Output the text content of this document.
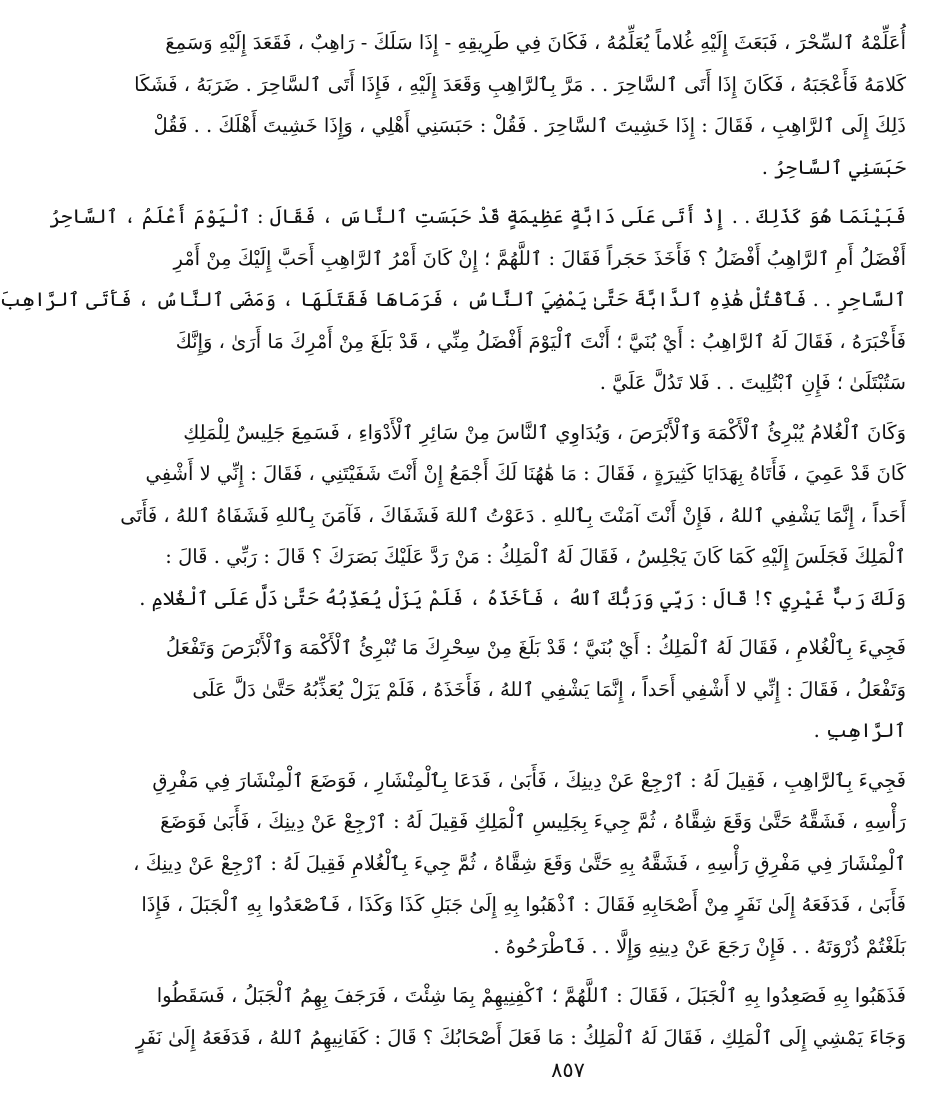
أُعَلِّمْهُ ٱلسِّحْرَ ، فَبَعَثَ إِلَيْهِ غُلاماً يُعَلِّمُهُ ، فَكَانَ فِي طَرِيقِهِ - إِذَا سَلَكَ - رَاهِبٌ ، فَقَعَدَ إِلَيْهِ وَسَمِعَ
كَلامَهُ فَأَعْجَبَهُ ، فَكَانَ إِذَا أَتَى ٱلسَّاحِرَ . . مَرَّ بِٱلرَّاهِبِ وَقَعَدَ إِلَيْهِ ، فَإِذَا أَتَى ٱلسَّاحِرَ . ضَرَبَهُ ، فَشَكَا
ذَلِكَ إِلَى ٱلرَّاهِبِ ، فَقَالَ : إِذَا خَشِيتَ ٱلسَّاحِرَ . فَقُلْ : حَبَسَنِي أَهْلِي ، وَإِذَا خَشِيتَ أَهْلَكَ . . فَقُلْ
حَبَسَنِي ٱلسَّاحِرُ .
فَبَيْنَمَا هُوَ كَذَلِكَ . . إِذْ أَتَى عَلَى دَابَّةٍ عَظِيمَةٍ قَدْ حَبَسَتِ ٱلنَّاسَ ، فَقَالَ : ٱلْيَوْمَ أَعْلَمُ ، ٱلسَّاحِرُ
أَفْضَلُ أَمِ ٱلرَّاهِبُ أَفْضَلُ ؟ فَأَخَذَ حَجَراً فَقَالَ : ٱللَّهُمَّ ؛ إِنْ كَانَ أَمْرُ ٱلرَّاهِبِ أَحَبَّ إِلَيْكَ مِنْ أَمْرِ
ٱلسَّاحِرِ . . فَٱقْتُلْ هَٰذِهِ ٱلدَّابَّةَ حَتَّىٰ يَمْضِيَ ٱلنَّاسُ ، فَرَمَاهَا فَقَتَلَهَا ، وَمَضَى ٱلنَّاسُ ، فَأَتَى ٱلرَّاهِبَ
فَأَخْبَرَهُ ، فَقَالَ لَهُ ٱلرَّاهِبُ : أَيْ بُنَيَّ ؛ أَنْتَ ٱلْيَوْمَ أَفْضَلُ مِنِّي ، قَدْ بَلَغَ مِنْ أَمْرِكَ مَا أَرَىٰ ، وَإِنَّكَ
سَتُبْتَلَىٰ ؛ فَإِنِ ٱبْتُلِيتَ . . فَلا تَدُلَّ عَلَيَّ .
وَكَانَ ٱلْغُلامُ يُبْرِئُ ٱلْأَكْمَهَ وَٱلْأَبْرَصَ ، وَيُدَاوِي ٱلنَّاسَ مِنْ سَائِرِ ٱلْأَدْوَاءِ ، فَسَمِعَ جَلِيسٌ لِلْمَلِكِ
كَانَ قَدْ عَمِيَ ، فَأَتَاهُ بِهَدَايَا كَثِيرَةٍ ، فَقَالَ : مَا هَٰهُنَا لَكَ أَجْمَعُ إِنْ أَنْتَ شَفَيْتَنِي ، فَقَالَ : إِنِّي لا أَشْفِي
أَحَداً ، إِنَّمَا يَشْفِي ٱللهُ ، فَإِنْ أَنْتَ آمَنْتَ بِٱللهِ . دَعَوْتُ ٱللهَ فَشَفَاكَ ، فَآمَنَ بِٱللهِ فَشَفَاهُ ٱللهُ ، فَأَتَى
ٱلْمَلِكَ فَجَلَسَ إِلَيْهِ كَمَا كَانَ يَجْلِسُ ، فَقَالَ لَهُ ٱلْمَلِكُ : مَنْ رَدَّ عَلَيْكَ بَصَرَكَ ؟ قَالَ : رَبِّي . قَالَ :
وَلَكَ رَبٌّ غَيْرِي ؟! قَالَ : رَبِّي وَرَبُّكَ ٱللهُ ، فَأَخَذَهُ ، فَلَمْ يَزَلْ يُعَذِّبُهُ حَتَّىٰ دَلَّ عَلَى ٱلْغُلامِ .
فَجِيءَ بِٱلْغُلامِ ، فَقَالَ لَهُ ٱلْمَلِكُ : أَيْ بُنَيَّ ؛ قَدْ بَلَغَ مِنْ سِحْرِكَ مَا تُبْرِئُ ٱلْأَكْمَهَ وَٱلْأَبْرَصَ وَتَفْعَلُ
وَتَفْعَلُ ، فَقَالَ : إِنِّي لا أَشْفِي أَحَداً ، إِنَّمَا يَشْفِي ٱللهُ ، فَأَخَذَهُ ، فَلَمْ يَزَلْ يُعَذِّبُهُ حَتَّىٰ دَلَّ عَلَى
ٱلرَّاهِبِ .
فَجِيءَ بِٱلرَّاهِبِ ، فَقِيلَ لَهُ : ٱرْجِعْ عَنْ دِينِكَ ، فَأَبَىٰ ، فَدَعَا بِٱلْمِنْشَارِ ، فَوَضَعَ ٱلْمِنْشَارَ فِي مَفْرِقِ
رَأْسِهِ ، فَشَقَّهُ حَتَّىٰ وَقَعَ شِقَّاهُ ، ثُمَّ جِيءَ بِجَلِيسِ ٱلْمَلِكِ فَقِيلَ لَهُ : ٱرْجِعْ عَنْ دِينِكَ ، فَأَبَىٰ فَوَضَعَ
ٱلْمِنْشَارَ فِي مَفْرِقِ رَأْسِهِ ، فَشَقَّهُ بِهِ حَتَّىٰ وَقَعَ شِقَّاهُ ، ثُمَّ جِيءَ بِٱلْغُلامِ فَقِيلَ لَهُ : ٱرْجِعْ عَنْ دِينِكَ ،
فَأَبَىٰ ، فَدَفَعَهُ إِلَىٰ نَفَرٍ مِنْ أَصْحَابِهِ فَقَالَ : ٱذْهَبُوا بِهِ إِلَىٰ جَبَلِ كَذَا وَكَذَا ، فَٱصْعَدُوا بِهِ ٱلْجَبَلَ ، فَإِذَا
بَلَغْتُمْ ذُرْوَتَهُ . . فَإِنْ رَجَعَ عَنْ دِينِهِ وَإِلَّا . . فَٱطْرَحُوهُ .
فَذَهَبُوا بِهِ فَصَعِدُوا بِهِ ٱلْجَبَلَ ، فَقَالَ : ٱللَّهُمَّ ؛ ٱكْفِنِيهِمْ بِمَا شِئْتَ ، فَرَجَفَ بِهِمُ ٱلْجَبَلُ ، فَسَقَطُوا
وَجَاءَ يَمْشِي إِلَى ٱلْمَلِكِ ، فَقَالَ لَهُ ٱلْمَلِكُ : مَا فَعَلَ أَصْحَابُكَ ؟ قَالَ : كَفَانِيهِمُ ٱللهُ ، فَدَفَعَهُ إِلَىٰ نَفَرٍ
٨٥٧
